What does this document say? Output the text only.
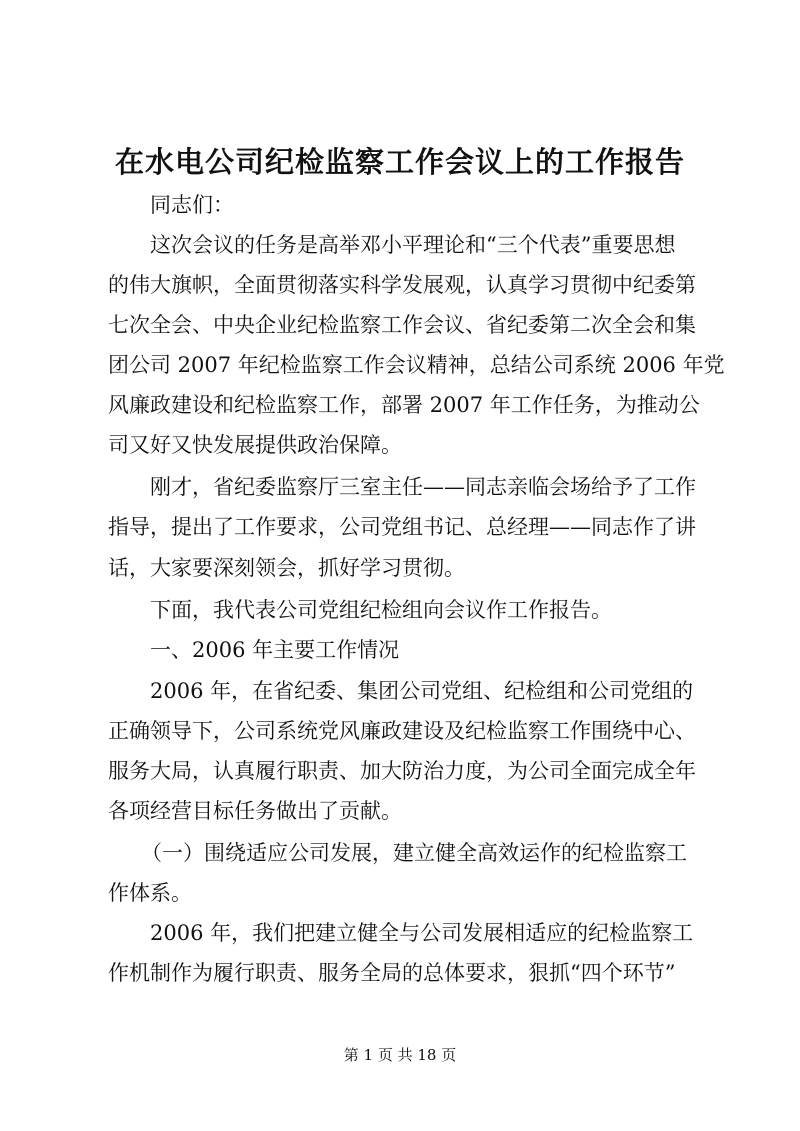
在水电公司纪检监察工作会议上的工作报告

同志们：

这次会议的任务是高举邓小平理论和“三个代表”重要思想

的伟大旗帜，全面贯彻落实科学发展观，认真学习贯彻中纪委第

七次全会、中央企业纪检监察工作会议、省纪委第二次全会和集

团公司 2007 年纪检监察工作会议精神，总结公司系统 2006 年党

风廉政建设和纪检监察工作，部署 2007 年工作任务，为推动公

司又好又快发展提供政治保障。

刚才，省纪委监察厅三室主任——同志亲临会场给予了工作

指导，提出了工作要求，公司党组书记、总经理——同志作了讲

话，大家要深刻领会，抓好学习贯彻。

下面，我代表公司党组纪检组向会议作工作报告。

一、2006 年主要工作情况

2006 年，在省纪委、集团公司党组、纪检组和公司党组的

正确领导下，公司系统党风廉政建设及纪检监察工作围绕中心、

服务大局，认真履行职责、加大防治力度，为公司全面完成全年

各项经营目标任务做出了贡献。

（一）围绕适应公司发展，建立健全高效运作的纪检监察工

作体系。

2006 年，我们把建立健全与公司发展相适应的纪检监察工

作机制作为履行职责、服务全局的总体要求，狠抓“四个环节”

第 1 页 共 18 页
